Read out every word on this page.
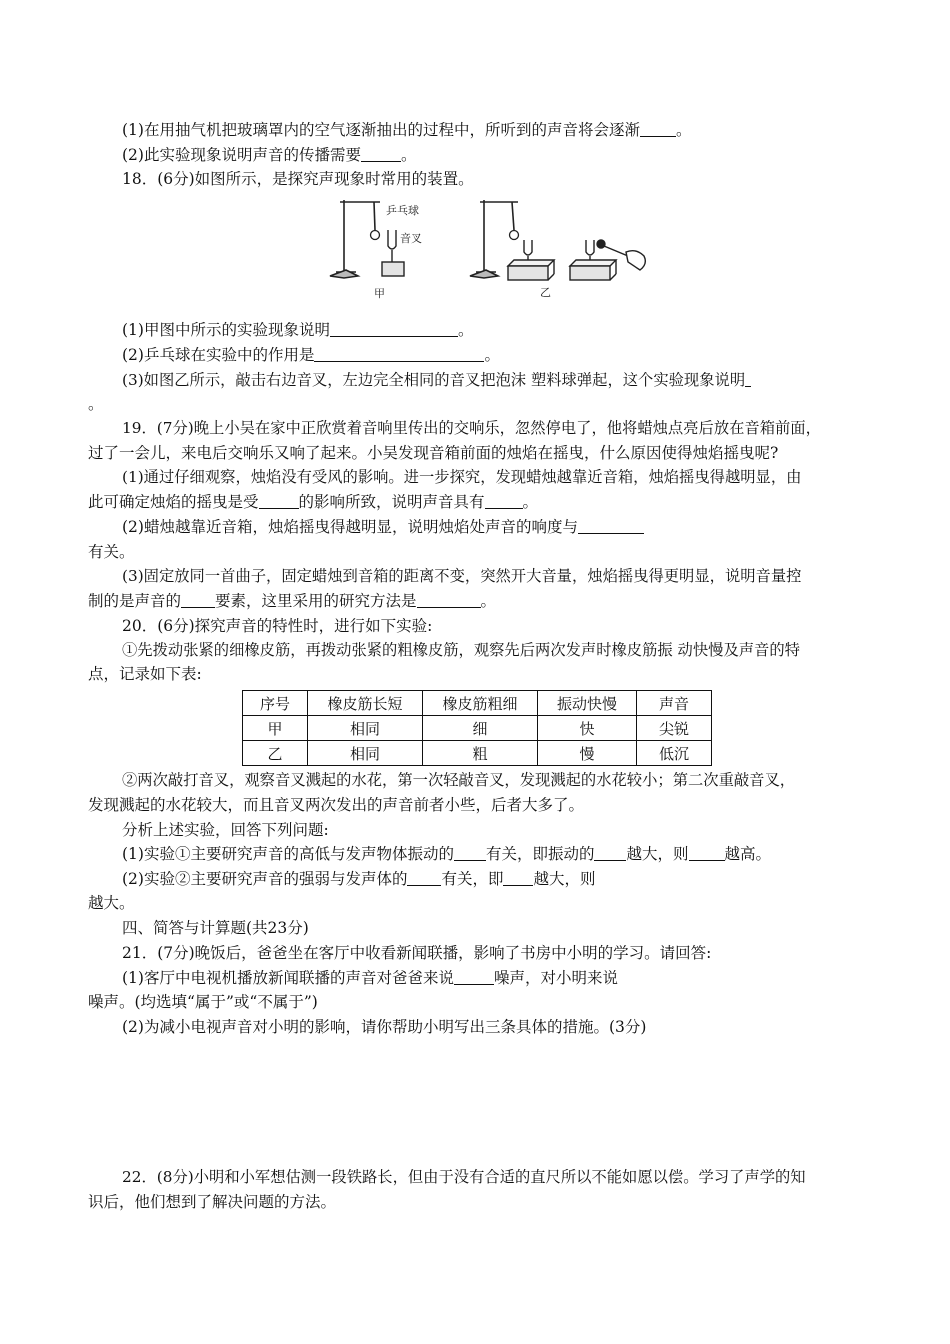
(1)在用抽气机把玻璃罩内的空气逐渐抽出的过程中，所听到的声音将会逐渐 。
(2)此实验现象说明声音的传播需要	。
18．(6分)如图所示，是探究声现象时常用的装置。
乒乓球
音叉
甲	乙
(1)甲图中所示的实验现象说明	。
(2)乒乓球在实验中的作用是	。
(3)如图乙所示，敲击右边音叉，左边完全相同的音叉把泡沫 塑料球弹起，这个实验现象说明
。
19．(7分)晚上小吴在家中正欣赏着音响里传出的交响乐，忽然停电了，他将蜡烛点亮后放在音箱前面，
过了一会儿，来电后交响乐又响了起来。小吴发现音箱前面的烛焰在摇曳，什么原因使得烛焰摇曳呢?
(1)通过仔细观察，烛焰没有受风的影响。进一步探究，发现蜡烛越靠近音箱，烛焰摇曳得越明显，由
此可确定烛焰的摇曳是受	的影响所致，说明声音具有 。
(2)蜡烛越靠近音箱，烛焰摇曳得越明显，说明烛焰处声音的响度与
有关。
(3)固定放同一首曲子，固定蜡烛到音箱的距离不变，突然开大音量，烛焰摇曳得更明显，说明音量控
制的是声音的 要素，这里采用的研究方法是	。
20．(6分)探究声音的特性时，进行如下实验:
①先拨动张紧的细橡皮筋，再拨动张紧的粗橡皮筋，观察先后两次发声时橡皮筋振 动快慢及声音的特
点，记录如下表:
序号	橡皮筋长短	橡皮筋粗细	振动快慢	声音
甲	相同	细	快	尖锐
乙	相同	粗	慢	低沉
②两次敲打音叉，观察音叉溅起的水花，第一次轻敲音叉，发现溅起的水花较小；第二次重敲音叉，
发现溅起的水花较大，而且音叉两次发出的声音前者小些，后者大多了。
分析上述实验，回答下列问题:
(1)实验①主要研究声音的高低与发声物体振动的 有关，即振动的 越大，则 越高。
(2)实验②主要研究声音的强弱与发声体的 有关，即 越大，则
越大。
四、简答与计算题(共23分)
21．(7分)晚饭后，爸爸坐在客厅中收看新闻联播，影响了书房中小明的学习。请回答:
(1)客厅中电视机播放新闻联播的声音对爸爸来说	噪声，对小明来说
噪声。(均选填“属于”或“不属于”)
(2)为减小电视声音对小明的影响，请你帮助小明写出三条具体的措施。(3分)
22．(8分)小明和小军想估测一段铁路长，但由于没有合适的直尺所以不能如愿以偿。学习了声学的知
识后，他们想到了解决问题的方法。
